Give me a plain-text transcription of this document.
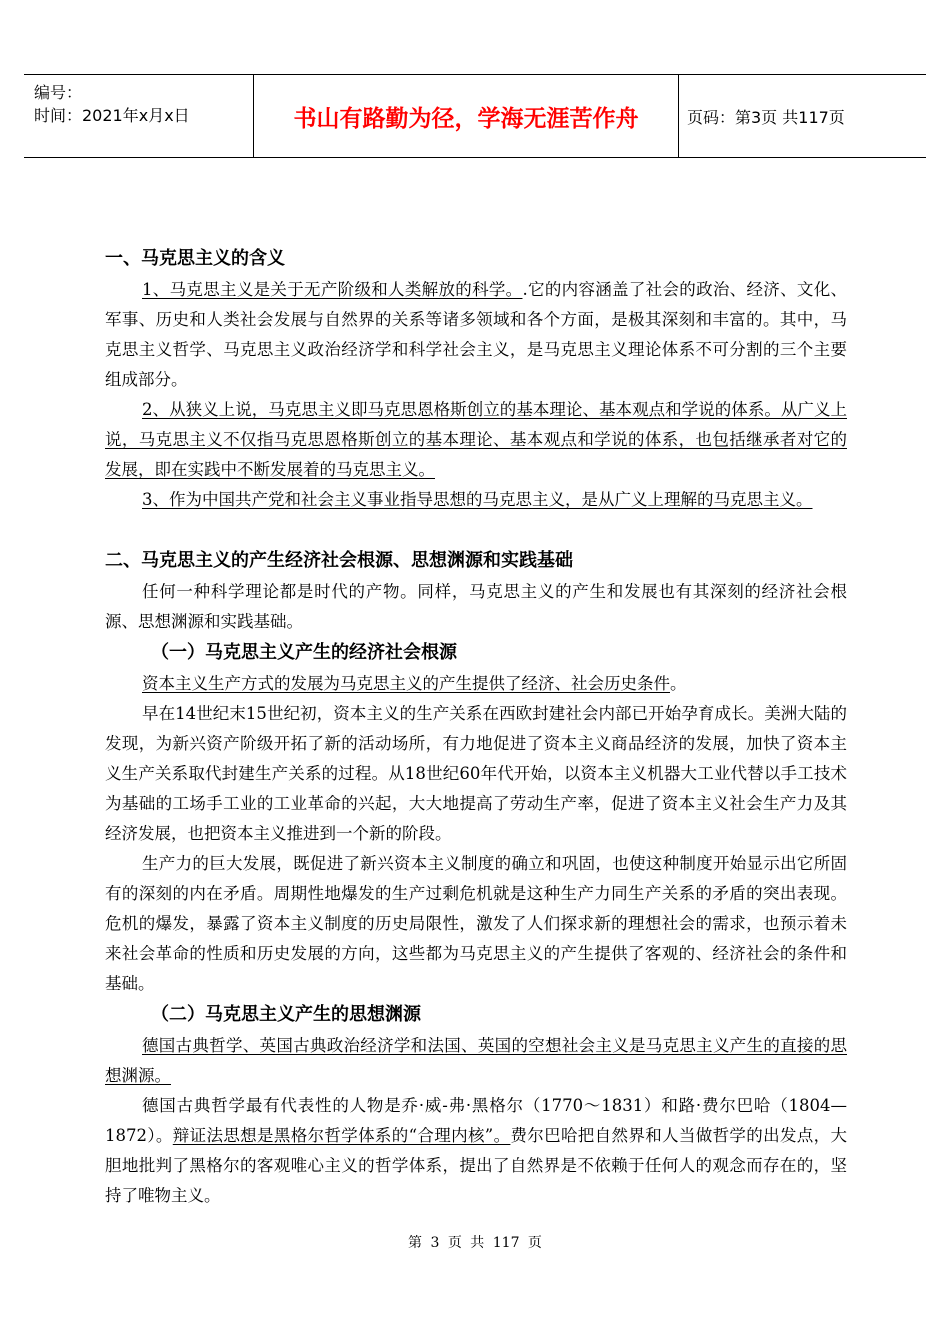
编号：
时间：2021年x月x日	书山有路勤为径，学海无涯苦作舟	页码：第3页 共117页
一、马克思主义的含义

1、马克思主义是关于无产阶级和人类解放的科学。.它的内容涵盖了社会的政治、经济、文化、军事、历史和人类社会发展与自然界的关系等诸多领域和各个方面，是极其深刻和丰富的。其中，马克思主义哲学、马克思主义政治经济学和科学社会主义，是马克思主义理论体系不可分割的三个主要组成部分。

2、从狭义上说，马克思主义即马克思恩格斯创立的基本理论、基本观点和学说的体系。从广义上说，马克思主义不仅指马克思恩格斯创立的基本理论、基本观点和学说的体系，也包括继承者对它的发展，即在实践中不断发展着的马克思主义。

3、作为中国共产党和社会主义事业指导思想的马克思主义，是从广义上理解的马克思主义。

二、马克思主义的产生经济社会根源、思想渊源和实践基础

任何一种科学理论都是时代的产物。同样，马克思主义的产生和发展也有其深刻的经济社会根源、思想渊源和实践基础。

（一）马克思主义产生的经济社会根源

资本主义生产方式的发展为马克思主义的产生提供了经济、社会历史条件。

早在14世纪末15世纪初，资本主义的生产关系在西欧封建社会内部已开始孕育成长。美洲大陆的发现，为新兴资产阶级开拓了新的活动场所，有力地促进了资本主义商品经济的发展，加快了资本主义生产关系取代封建生产关系的过程。从18世纪60年代开始，以资本主义机器大工业代替以手工技术为基础的工场手工业的工业革命的兴起，大大地提高了劳动生产率，促进了资本主义社会生产力及其经济发展，也把资本主义推进到一个新的阶段。

生产力的巨大发展，既促进了新兴资本主义制度的确立和巩固，也使这种制度开始显示出它所固有的深刻的内在矛盾。周期性地爆发的生产过剩危机就是这种生产力同生产关系的矛盾的突出表现。危机的爆发，暴露了资本主义制度的历史局限性，激发了人们探求新的理想社会的需求，也预示着未来社会革命的性质和历史发展的方向，这些都为马克思主义的产生提供了客观的、经济社会的条件和基础。

（二）马克思主义产生的思想渊源

德国古典哲学、英国古典政治经济学和法国、英国的空想社会主义是马克思主义产生的直接的思想渊源。

德国古典哲学最有代表性的人物是乔·威-弗·黑格尔（1770～1831）和路·费尔巴哈（1804—1872）。辩证法思想是黑格尔哲学体系的“合理内核”。费尔巴哈把自然界和人当做哲学的出发点，大胆地批判了黑格尔的客观唯心主义的哲学体系，提出了自然界是不依赖于任何人的观念而存在的，坚持了唯物主义。

第 3 页 共 117 页
